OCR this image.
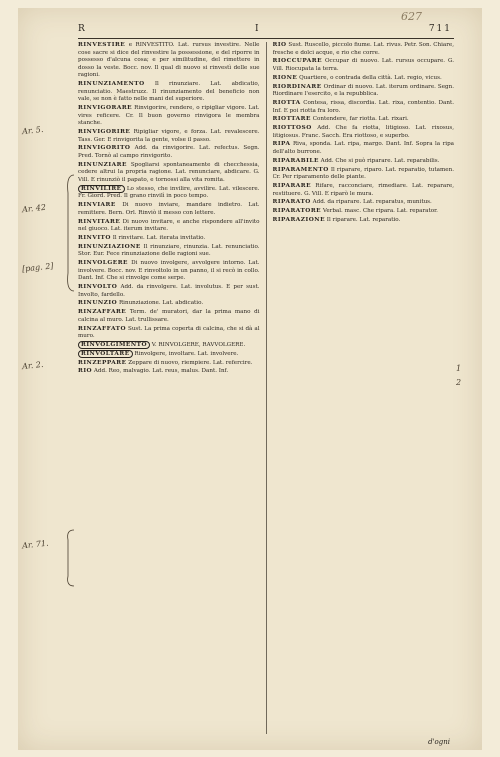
627
R	I	711
Ar. 5.
Ar. 42
[pag. 2]
Ar. 2.
Ar. 71.
1
2
RINVESTIRE e RINVESTITO. Lat. rursus investire. Nelle cose sacre si dice del rinvestire la possessione, e del riporre in possesso d'alcuna cosa; e per similitudine, del rimettere in dosso la veste. Bocc. nov. Il qual di nuovo si rinvestì delle sue ragioni.
RINUNZIAMENTO Il rinunziare. Lat. abdicatio, renunciatio. Maestruzz. Il rinunziamento del beneficio non vale, se non è fatto nelle mani del superiore.
RINVIGORARE Rinvigorire, rendere, o ripigliar vigore. Lat. vires reficere. Cr. Il buon governo rinvigora le membra stanche.
RINVIGORIRE Ripigliar vigore, e forza. Lat. revalescere. Tass. Ger. E rinvigorita la gente, volse il passo.
RINVIGORITO Add. da rinvigorire. Lat. refectus. Segn. Pred. Tornò al campo rinvigorito.
RINUNZIARE Spogliarsi spontaneamente di checchessia, cedere altrui la propria ragione. Lat. renunciare, abdicare. G. Vill. E rinunziò il papato, e tornossi alla vita romita.
RINVILIRE Lo stesso, che invilire, avvilire. Lat. vilescere. Fr. Giord. Pred. Il grano rinvilì in poco tempo.
RINVIARE Di nuovo inviare, mandare indietro. Lat. remittere. Bern. Orl. Rinviò il messo con lettere.
RINVITARE Di nuovo invitare, e anche rispondere all'invito nel giuoco. Lat. iterum invitare.
RINVITO Il rinvitare. Lat. iterata invitatio.
RINUNZIAZIONE Il rinunziare, rinunzia. Lat. renunciatio. Stor. Eur. Fece rinunziazione delle ragioni sue.
RINVOLGERE Di nuovo involgere, avvolgere intorno. Lat. involvere. Bocc. nov. E rinvoltolo in un panno, il si recò in collo. Dant. Inf. Che si rinvolge come serpe.
RINVOLTO Add. da rinvolgere. Lat. involutus. E per sust. Involto, fardello.
RINUNZIO Rinunziazione. Lat. abdicatio.
RINZAFFARE Term. de' muratori, dar la prima mano di calcina al muro. Lat. trullissare.
RINZAFFATO Sust. La prima coperta di calcina, che si dà al muro.
RINVOLGIMENTO V. RINVOLGERE, RAVVOLGERE.
RINVOLTARE Rinvolgere, involtare. Lat. involvere.
RINZEPPARE Zeppare di nuovo, riempiere. Lat. refercire.
RIO Add. Reo, malvagio. Lat. reus, malus. Dant. Inf.
RIO Sust. Ruscello, piccolo fiume. Lat. rivus. Petr. Son. Chiare, fresche e dolci acque, e rio che corre.
RIOCCUPARE Occupar di nuovo. Lat. rursus occupare. G. Vill. Riocupata la terra.
RIONE Quartiere, o contrada della città. Lat. regio, vicus.
RIORDINARE Ordinar di nuovo. Lat. iterum ordinare. Segn. Riordinare l'esercito, e la repubblica.
RIOTTA Contesa, rissa, discordia. Lat. rixa, contentio. Dant. Inf. E poi riotta fra loro.
RIOTTARE Contendere, far riotta. Lat. rixari.
RIOTTOSO Add. Che fa riotta, litigioso. Lat. rixosus, litigiosus. Franc. Sacch. Era riottoso, e superbo.
RIPA Riva, sponda. Lat. ripa, margo. Dant. Inf. Sopra la ripa dell'alto burrone.
RIPARABILE Add. Che si può riparare. Lat. reparabilis.
RIPARAMENTO Il riparare, riparo. Lat. reparatio, tutamen. Cr. Per riparamento delle piante.
RIPARARE Rifare, racconciare, rimediare. Lat. reparare, restituere. G. Vill. E riparò le mura.
RIPARATO Add. da riparare. Lat. reparatus, munitus.
RIPARATORE Verbal. masc. Che ripara. Lat. reparator.
RIPARAZIONE Il riparare. Lat. reparatio.
d'ogni
